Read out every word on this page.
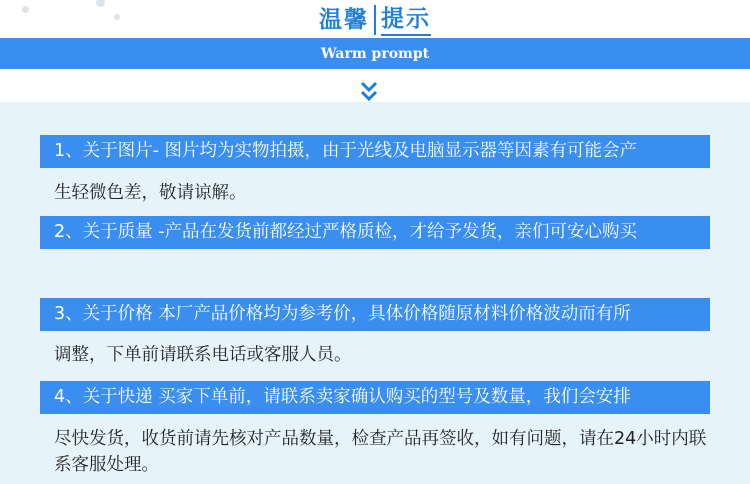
温馨 提示
Warm prompt
1、关于图片- 图片均为实物拍摄，由于光线及电脑显示器等因素有可能会产
生轻微色差，敬请谅解。
2、关于质量 -产品在发货前都经过严格质检，才给予发货，亲们可安心购买
3、关于价格 本厂产品价格均为参考价，具体价格随原材料价格波动而有所
调整，下单前请联系电话或客服人员。
4、关于快递 买家下单前，请联系卖家确认购买的型号及数量，我们会安排
尽快发货，收货前请先核对产品数量，检查产品再签收，如有问题，请在24小时内联系客服处理。
